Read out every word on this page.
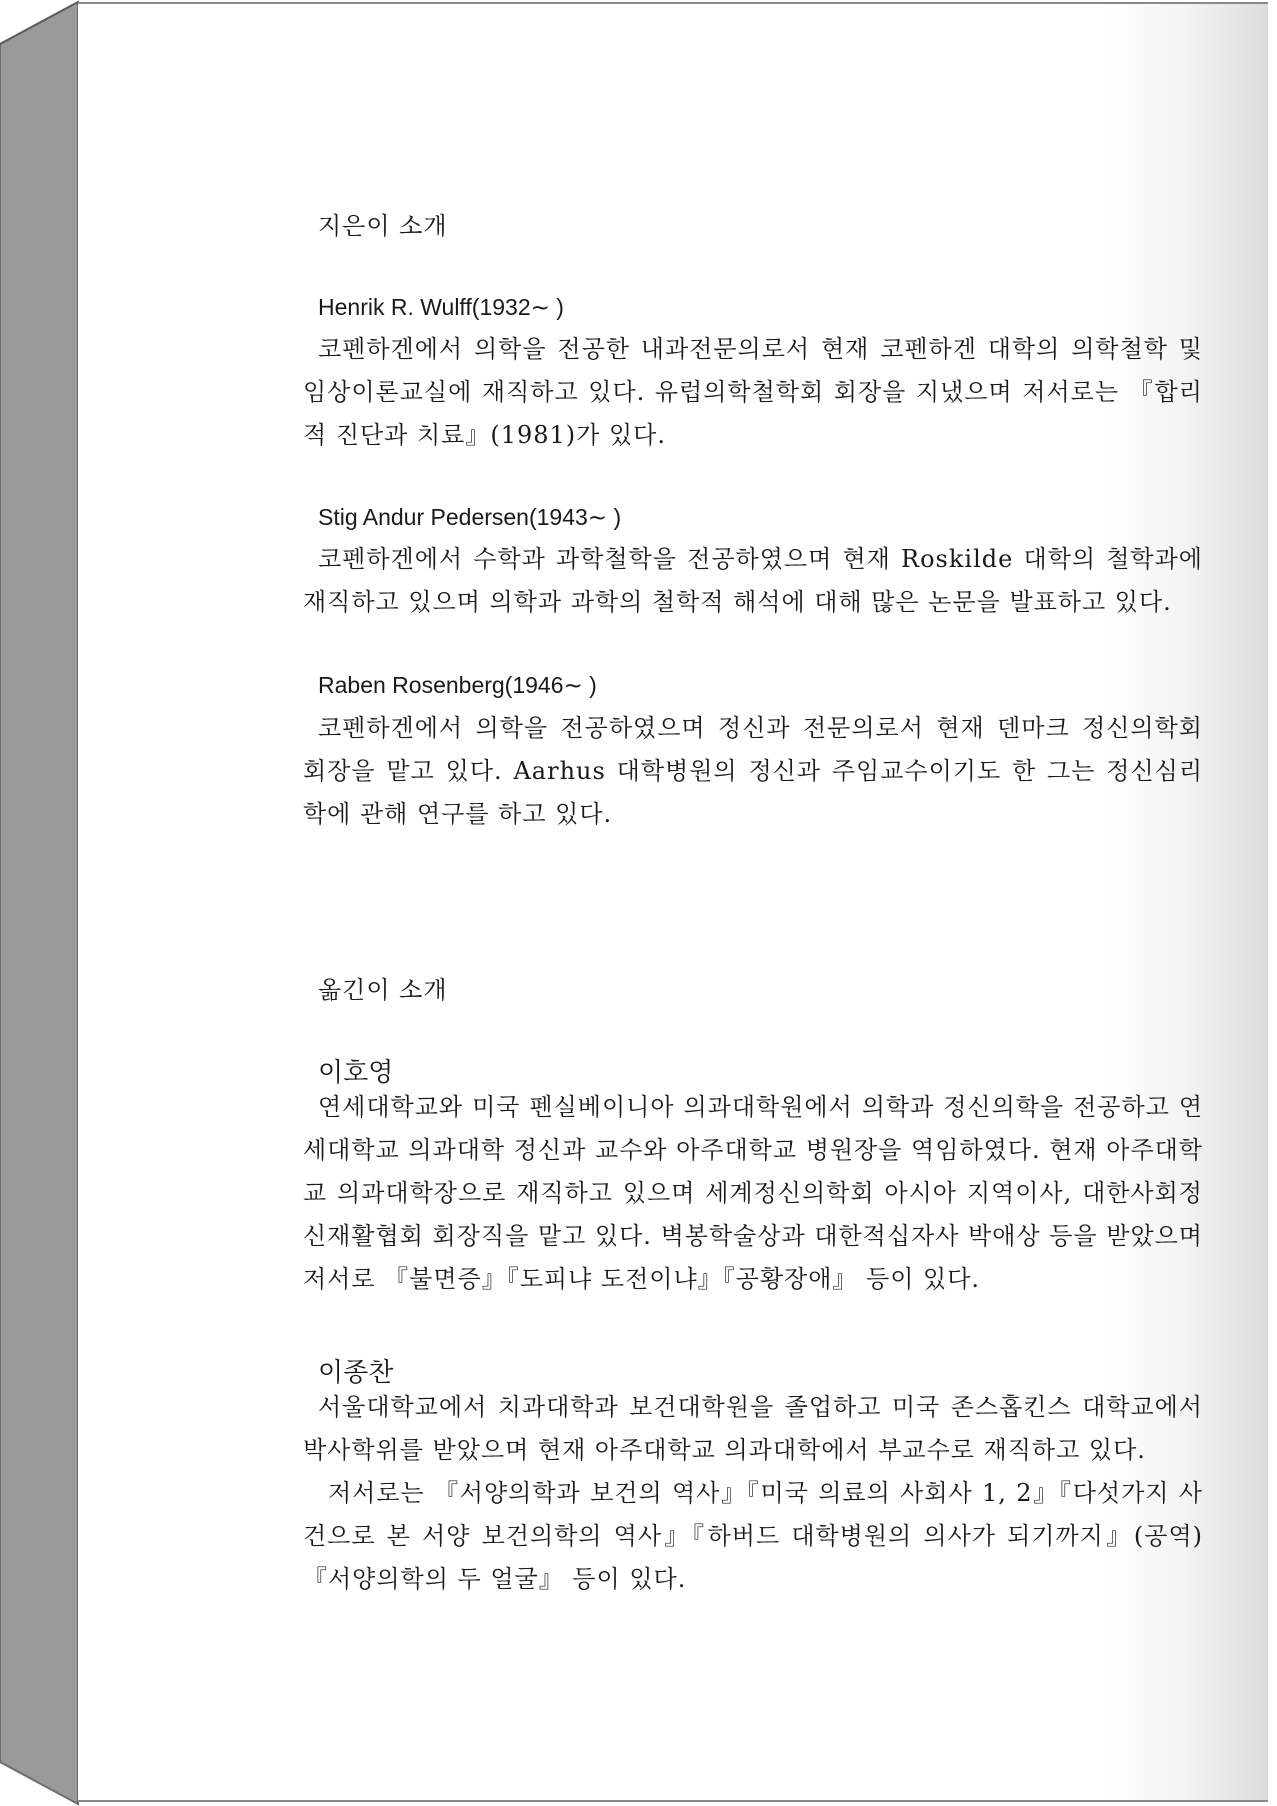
지은이 소개
Henrik R. Wulff(1932∼ )

코펜하겐에서 의학을 전공한 내과전문의로서 현재 코펜하겐 대학의 의학철학 및 임상이론교실에 재직하고 있다. 유럽의학철학회 회장을 지냈으며 저서로는 『합리적 진단과 치료』(1981)가 있다.

Stig Andur Pedersen(1943∼ )

코펜하겐에서 수학과 과학철학을 전공하였으며 현재 Roskilde 대학의 철학과에 재직하고 있으며 의학과 과학의 철학적 해석에 대해 많은 논문을 발표하고 있다.

Raben Rosenberg(1946∼ )

코펜하겐에서 의학을 전공하였으며 정신과 전문의로서 현재 덴마크 정신의학회 회장을 맡고 있다. Aarhus 대학병원의 정신과 주임교수이기도 한 그는 정신심리학에 관해 연구를 하고 있다.

옮긴이 소개
이호영

연세대학교와 미국 펜실베이니아 의과대학원에서 의학과 정신의학을 전공하고 연세대학교 의과대학 정신과 교수와 아주대학교 병원장을 역임하였다. 현재 아주대학교 의과대학장으로 재직하고 있으며 세계정신의학회 아시아 지역이사, 대한사회정신재활협회 회장직을 맡고 있다. 벽봉학술상과 대한적십자사 박애상 등을 받았으며 저서로 『불면증』『도피냐 도전이냐』『공황장애』 등이 있다.

이종찬

서울대학교에서 치과대학과 보건대학원을 졸업하고 미국 존스홉킨스 대학교에서 박사학위를 받았으며 현재 아주대학교 의과대학에서 부교수로 재직하고 있다.

저서로는 『서양의학과 보건의 역사』『미국 의료의 사회사 1, 2』『다섯가지 사건으로 본 서양 보건의학의 역사』『하버드 대학병원의 의사가 되기까지』(공역) 『서양의학의 두 얼굴』 등이 있다.
